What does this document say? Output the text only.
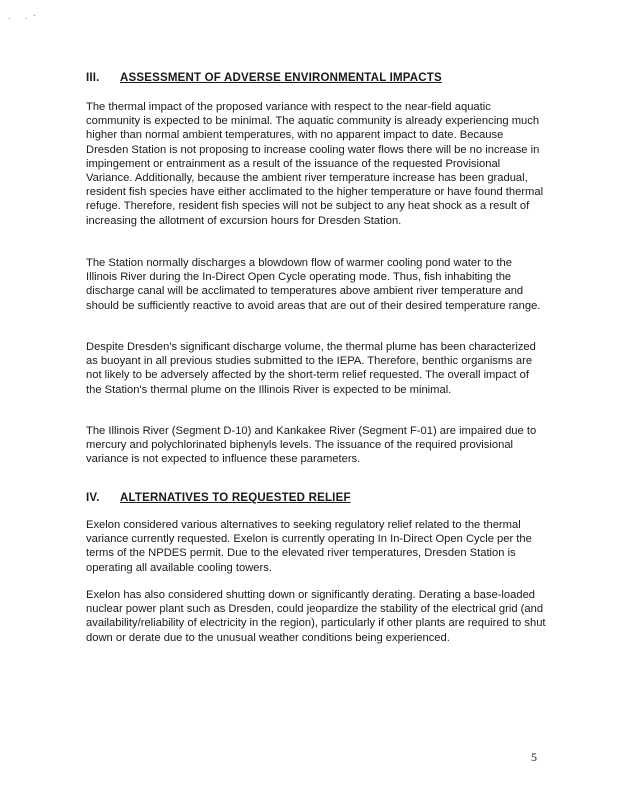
· ·´
III. ASSESSMENT OF ADVERSE ENVIRONMENTAL IMPACTS

The thermal impact of the proposed variance with respect to the near-field aquatic community is expected to be minimal. The aquatic community is already experiencing much higher than normal ambient temperatures, with no apparent impact to date. Because Dresden Station is not proposing to increase cooling water flows there will be no increase in impingement or entrainment as a result of the issuance of the requested Provisional Variance. Additionally, because the ambient river temperature increase has been gradual, resident fish species have either acclimated to the higher temperature or have found thermal refuge. Therefore, resident fish species will not be subject to any heat shock as a result of increasing the allotment of excursion hours for Dresden Station.

The Station normally discharges a blowdown flow of warmer cooling pond water to the Illinois River during the In-Direct Open Cycle operating mode. Thus, fish inhabiting the discharge canal will be acclimated to temperatures above ambient river temperature and should be sufficiently reactive to avoid areas that are out of their desired temperature range.

Despite Dresden's significant discharge volume, the thermal plume has been characterized as buoyant in all previous studies submitted to the IEPA. Therefore, benthic organisms are not likely to be adversely affected by the short-term relief requested. The overall impact of the Station's thermal plume on the Illinois River is expected to be minimal.

The Illinois River (Segment D-10) and Kankakee River (Segment F-01) are impaired due to mercury and polychlorinated biphenyls levels. The issuance of the required provisional variance is not expected to influence these parameters.

IV. ALTERNATIVES TO REQUESTED RELIEF

Exelon considered various alternatives to seeking regulatory relief related to the thermal variance currently requested. Exelon is currently operating In In-Direct Open Cycle per the terms of the NPDES permit. Due to the elevated river temperatures, Dresden Station is operating all available cooling towers.

Exelon has also considered shutting down or significantly derating. Derating a base-loaded nuclear power plant such as Dresden, could jeopardize the stability of the electrical grid (and availability/reliability of electricity in the region), particularly if other plants are required to shut down or derate due to the unusual weather conditions being experienced.

5
